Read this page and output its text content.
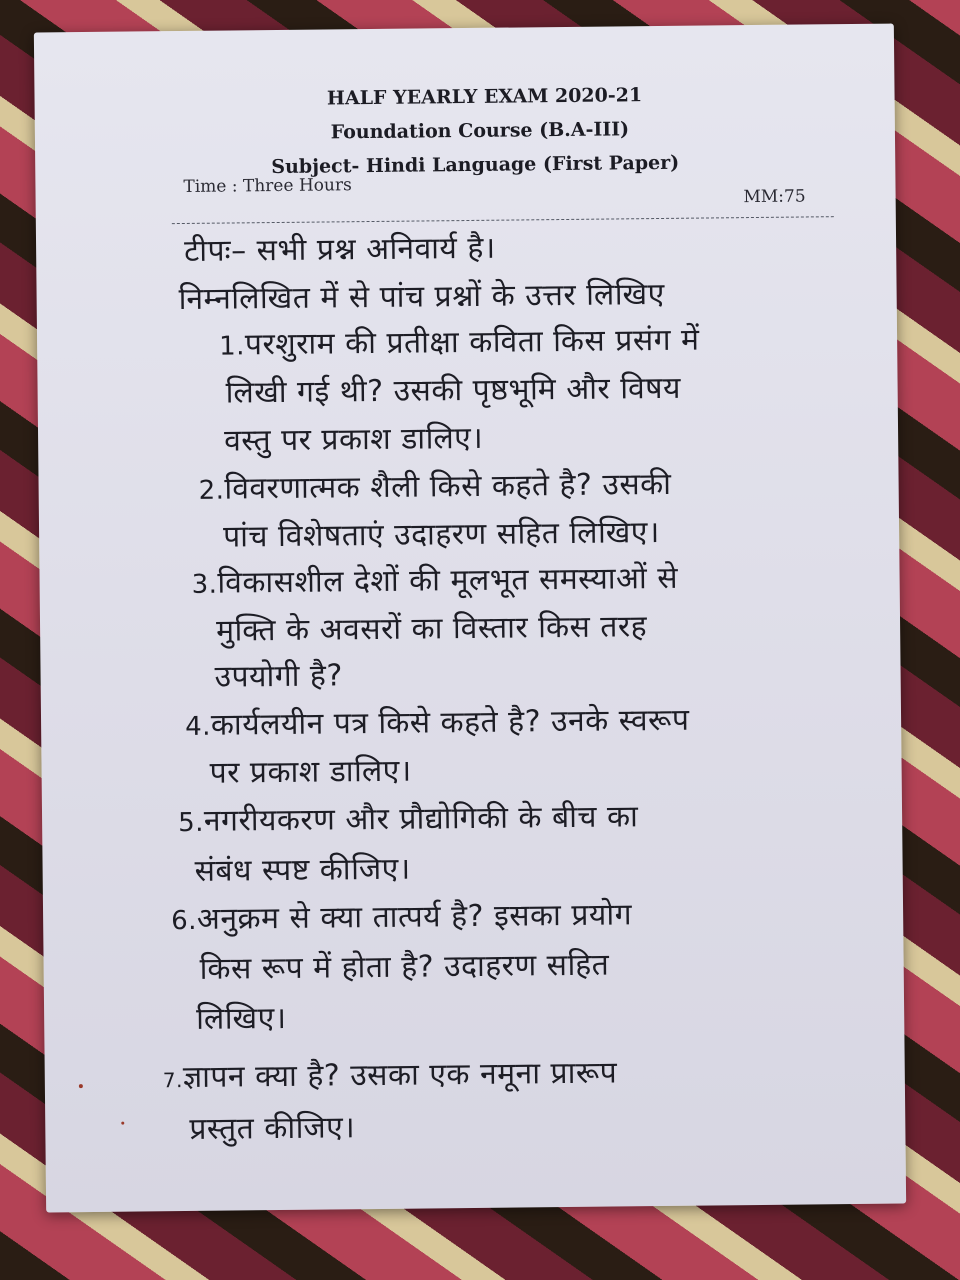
HALF YEARLY EXAM 2020-21

Foundation Course (B.A-III)

Subject- Hindi Language (First Paper)

Time : Three Hours	MM:75

टीपः– सभी प्रश्न अनिवार्य है।

निम्नलिखित में से पांच प्रश्नों के उत्तर लिखिए

1.परशुराम की प्रतीक्षा कविता किस प्रसंग में

लिखी गई थी? उसकी पृष्ठभूमि और विषय

वस्तु पर प्रकाश डालिए।

2.विवरणात्मक शैली किसे कहते है? उसकी

पांच विशेषताएं उदाहरण सहित लिखिए।

3.विकासशील देशों की मूलभूत समस्याओं से

मुक्ति के अवसरों का विस्तार किस तरह

उपयोगी है?

4.कार्यलयीन पत्र किसे कहते है? उनके स्वरूप

पर प्रकाश डालिए।

5.नगरीयकरण और प्रौद्योगिकी के बीच का

संबंध स्पष्ट कीजिए।

6.अनुक्रम से क्या तात्पर्य है? इसका प्रयोग

किस रूप में होता है? उदाहरण सहित

लिखिए।

7.ज्ञापन क्या है? उसका एक नमूना प्रारूप

प्रस्तुत कीजिए।
